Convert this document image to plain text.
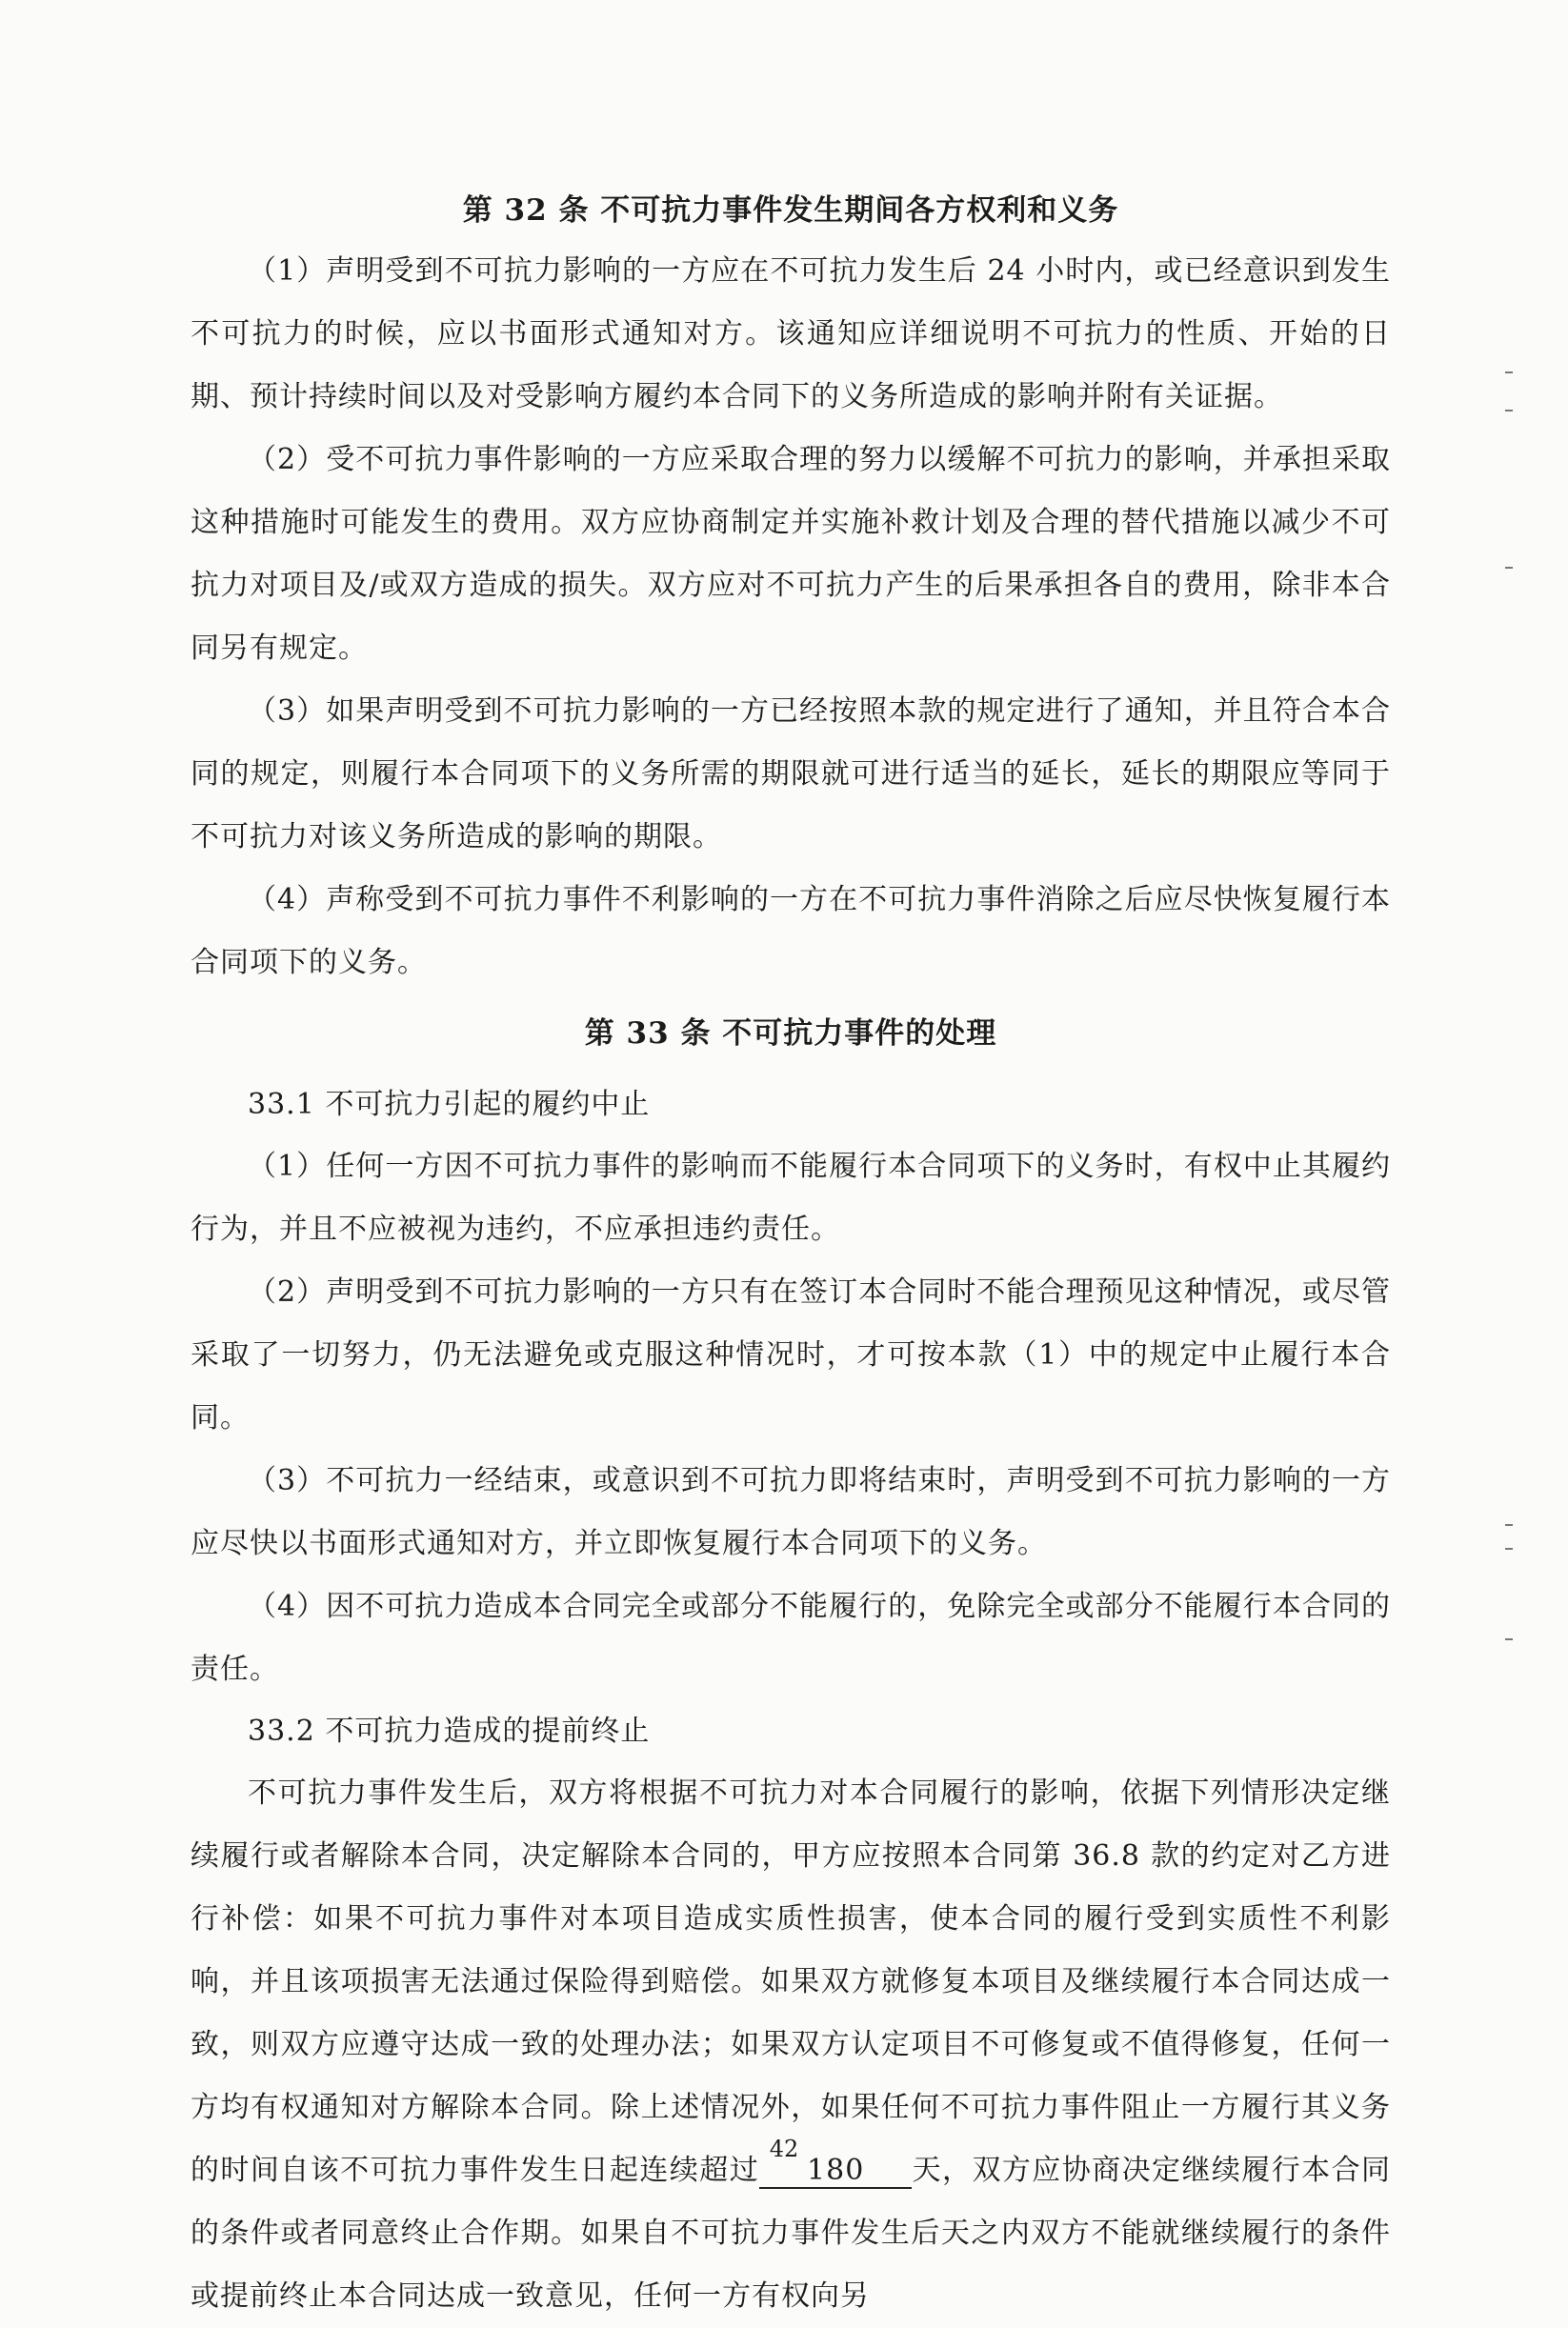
第 32 条 不可抗力事件发生期间各方权利和义务

（1）声明受到不可抗力影响的一方应在不可抗力发生后 24 小时内，或已经意识到发生不可抗力的时候，应以书面形式通知对方。该通知应详细说明不可抗力的性质、开始的日期、预计持续时间以及对受影响方履约本合同下的义务所造成的影响并附有关证据。

（2）受不可抗力事件影响的一方应采取合理的努力以缓解不可抗力的影响，并承担采取这种措施时可能发生的费用。双方应协商制定并实施补救计划及合理的替代措施以减少不可抗力对项目及/或双方造成的损失。双方应对不可抗力产生的后果承担各自的费用，除非本合同另有规定。

（3）如果声明受到不可抗力影响的一方已经按照本款的规定进行了通知，并且符合本合同的规定，则履行本合同项下的义务所需的期限就可进行适当的延长，延长的期限应等同于不可抗力对该义务所造成的影响的期限。

（4）声称受到不可抗力事件不利影响的一方在不可抗力事件消除之后应尽快恢复履行本合同项下的义务。

第 33 条 不可抗力事件的处理

33.1 不可抗力引起的履约中止

（1）任何一方因不可抗力事件的影响而不能履行本合同项下的义务时，有权中止其履约行为，并且不应被视为违约，不应承担违约责任。

（2）声明受到不可抗力影响的一方只有在签订本合同时不能合理预见这种情况，或尽管采取了一切努力，仍无法避免或克服这种情况时，才可按本款（1）中的规定中止履行本合同。

（3）不可抗力一经结束，或意识到不可抗力即将结束时，声明受到不可抗力影响的一方应尽快以书面形式通知对方，并立即恢复履行本合同项下的义务。

（4）因不可抗力造成本合同完全或部分不能履行的，免除完全或部分不能履行本合同的责任。

33.2 不可抗力造成的提前终止

不可抗力事件发生后，双方将根据不可抗力对本合同履行的影响，依据下列情形决定继续履行或者解除本合同，决定解除本合同的，甲方应按照本合同第 36.8 款的约定对乙方进行补偿：如果不可抗力事件对本项目造成实质性损害，使本合同的履行受到实质性不利影响，并且该项损害无法通过保险得到赔偿。如果双方就修复本项目及继续履行本合同达成一致，则双方应遵守达成一致的处理办法；如果双方认定项目不可修复或不值得修复，任何一方均有权通知对方解除本合同。除上述情况外，如果任何不可抗力事件阻止一方履行其义务的时间自该不可抗力事件发生日起连续超过 180 天，双方应协商决定继续履行本合同的条件或者同意终止合作期。如果自不可抗力事件发生后天之内双方不能就继续履行的条件或提前终止本合同达成一致意见，任何一方有权向另

42
